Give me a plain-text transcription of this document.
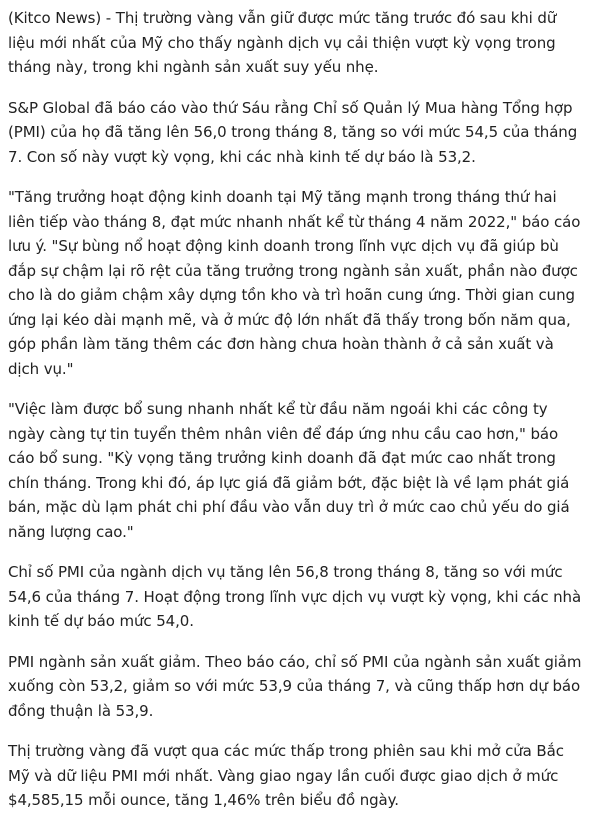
(Kitco News) - Thị trường vàng vẫn giữ được mức tăng trước đó sau khi dữ liệu mới nhất của Mỹ cho thấy ngành dịch vụ cải thiện vượt kỳ vọng trong tháng này, trong khi ngành sản xuất suy yếu nhẹ.

S&P Global đã báo cáo vào thứ Sáu rằng Chỉ số Quản lý Mua hàng Tổng hợp (PMI) của họ đã tăng lên 56,0 trong tháng 8, tăng so với mức 54,5 của tháng 7. Con số này vượt kỳ vọng, khi các nhà kinh tế dự báo là 53,2.

"Tăng trưởng hoạt động kinh doanh tại Mỹ tăng mạnh trong tháng thứ hai liên tiếp vào tháng 8, đạt mức nhanh nhất kể từ tháng 4 năm 2022," báo cáo lưu ý. "Sự bùng nổ hoạt động kinh doanh trong lĩnh vực dịch vụ đã giúp bù đắp sự chậm lại rõ rệt của tăng trưởng trong ngành sản xuất, phần nào được cho là do giảm chậm xây dựng tồn kho và trì hoãn cung ứng. Thời gian cung ứng lại kéo dài mạnh mẽ, và ở mức độ lớn nhất đã thấy trong bốn năm qua, góp phần làm tăng thêm các đơn hàng chưa hoàn thành ở cả sản xuất và dịch vụ."

"Việc làm được bổ sung nhanh nhất kể từ đầu năm ngoái khi các công ty ngày càng tự tin tuyển thêm nhân viên để đáp ứng nhu cầu cao hơn," báo cáo bổ sung. "Kỳ vọng tăng trưởng kinh doanh đã đạt mức cao nhất trong chín tháng. Trong khi đó, áp lực giá đã giảm bớt, đặc biệt là về lạm phát giá bán, mặc dù lạm phát chi phí đầu vào vẫn duy trì ở mức cao chủ yếu do giá năng lượng cao."

Chỉ số PMI của ngành dịch vụ tăng lên 56,8 trong tháng 8, tăng so với mức 54,6 của tháng 7. Hoạt động trong lĩnh vực dịch vụ vượt kỳ vọng, khi các nhà kinh tế dự báo mức 54,0.

PMI ngành sản xuất giảm. Theo báo cáo, chỉ số PMI của ngành sản xuất giảm xuống còn 53,2, giảm so với mức 53,9 của tháng 7, và cũng thấp hơn dự báo đồng thuận là 53,9.

Thị trường vàng đã vượt qua các mức thấp trong phiên sau khi mở cửa Bắc Mỹ và dữ liệu PMI mới nhất. Vàng giao ngay lần cuối được giao dịch ở mức $4,585,15 mỗi ounce, tăng 1,46% trên biểu đồ ngày.
